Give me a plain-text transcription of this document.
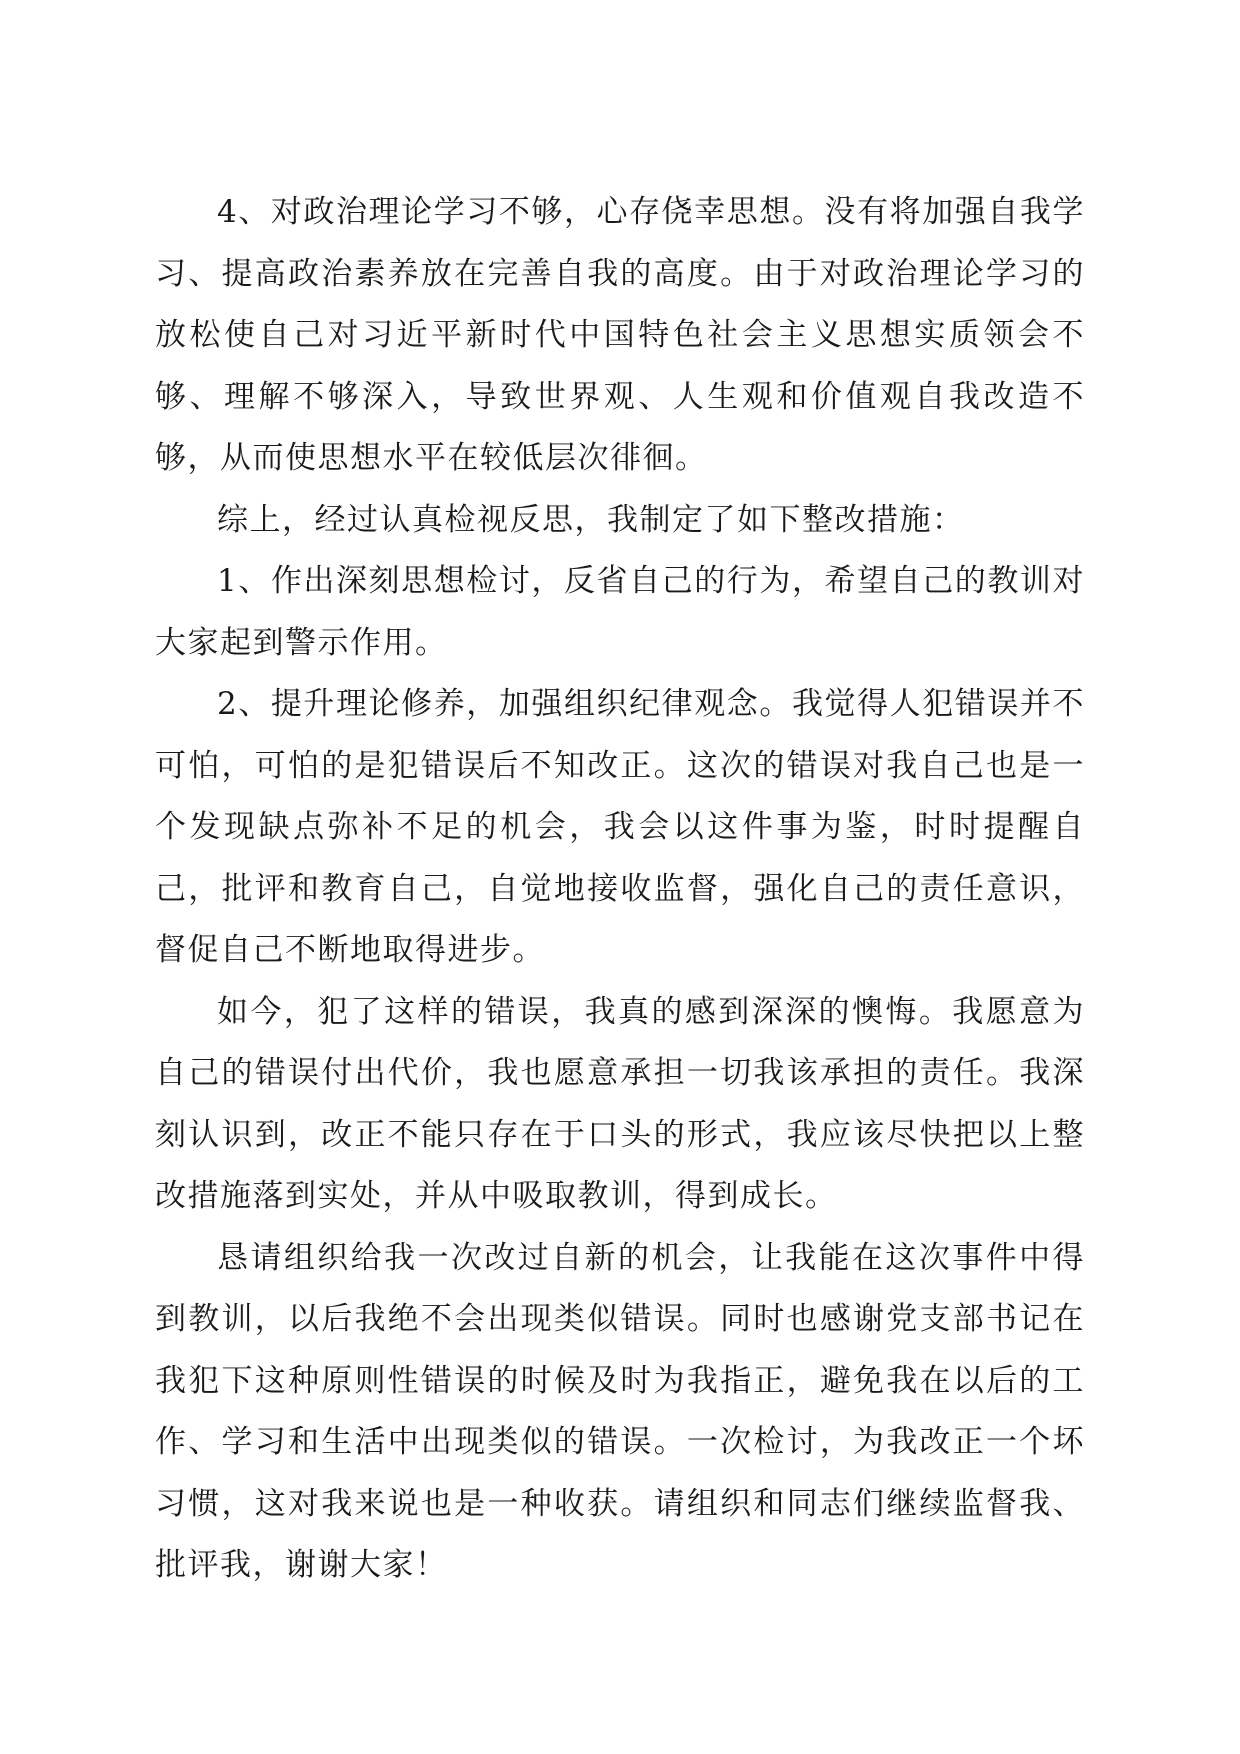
4、对政治理论学习不够，心存侥幸思想。没有将加强自我学习、提高政治素养放在完善自我的高度。由于对政治理论学习的放松使自己对习近平新时代中国特色社会主义思想实质领会不够、理解不够深入，导致世界观、人生观和价值观自我改造不够，从而使思想水平在较低层次徘徊。

综上，经过认真检视反思，我制定了如下整改措施：

1、作出深刻思想检讨，反省自己的行为，希望自己的教训对大家起到警示作用。

2、提升理论修养，加强组织纪律观念。我觉得人犯错误并不可怕，可怕的是犯错误后不知改正。这次的错误对我自己也是一个发现缺点弥补不足的机会，我会以这件事为鉴，时时提醒自己，批评和教育自己，自觉地接收监督，强化自己的责任意识，督促自己不断地取得进步。

如今，犯了这样的错误，我真的感到深深的懊悔。我愿意为自己的错误付出代价，我也愿意承担一切我该承担的责任。我深刻认识到，改正不能只存在于口头的形式，我应该尽快把以上整改措施落到实处，并从中吸取教训，得到成长。

恳请组织给我一次改过自新的机会，让我能在这次事件中得到教训，以后我绝不会出现类似错误。同时也感谢党支部书记在我犯下这种原则性错误的时候及时为我指正，避免我在以后的工作、学习和生活中出现类似的错误。一次检讨，为我改正一个坏习惯，这对我来说也是一种收获。请组织和同志们继续监督我、批评我，谢谢大家！
